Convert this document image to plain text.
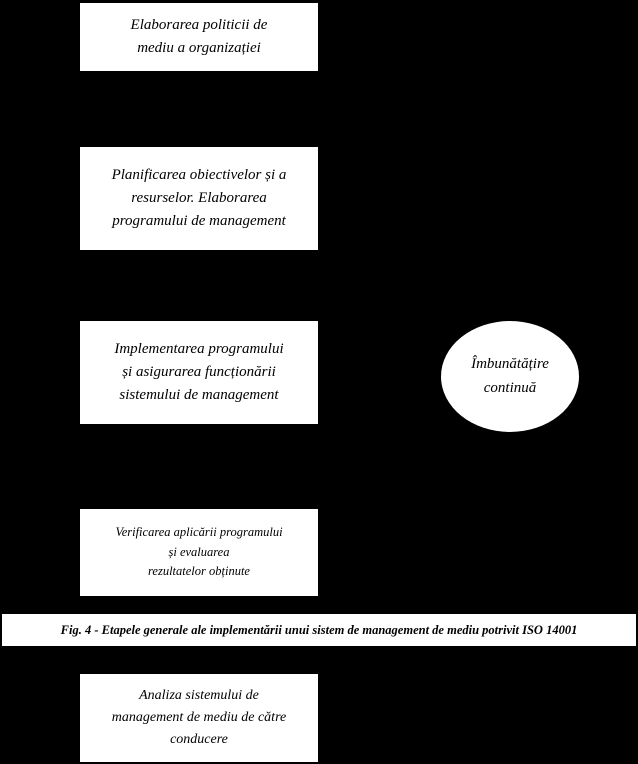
Elaborarea politicii de
mediu a organizației
Planificarea obiectivelor și a
resurselor. Elaborarea
programului de management
Implementarea programului
și asigurarea funcționării
sistemului de management
Verificarea aplicării programului
și evaluarea
rezultatelor obținute
Analiza sistemului de
management de mediu de către
conducere
Îmbunătățire
continuă
Fig. 4 - Etapele generale ale implementării unui sistem de management de mediu potrivit ISO 14001
